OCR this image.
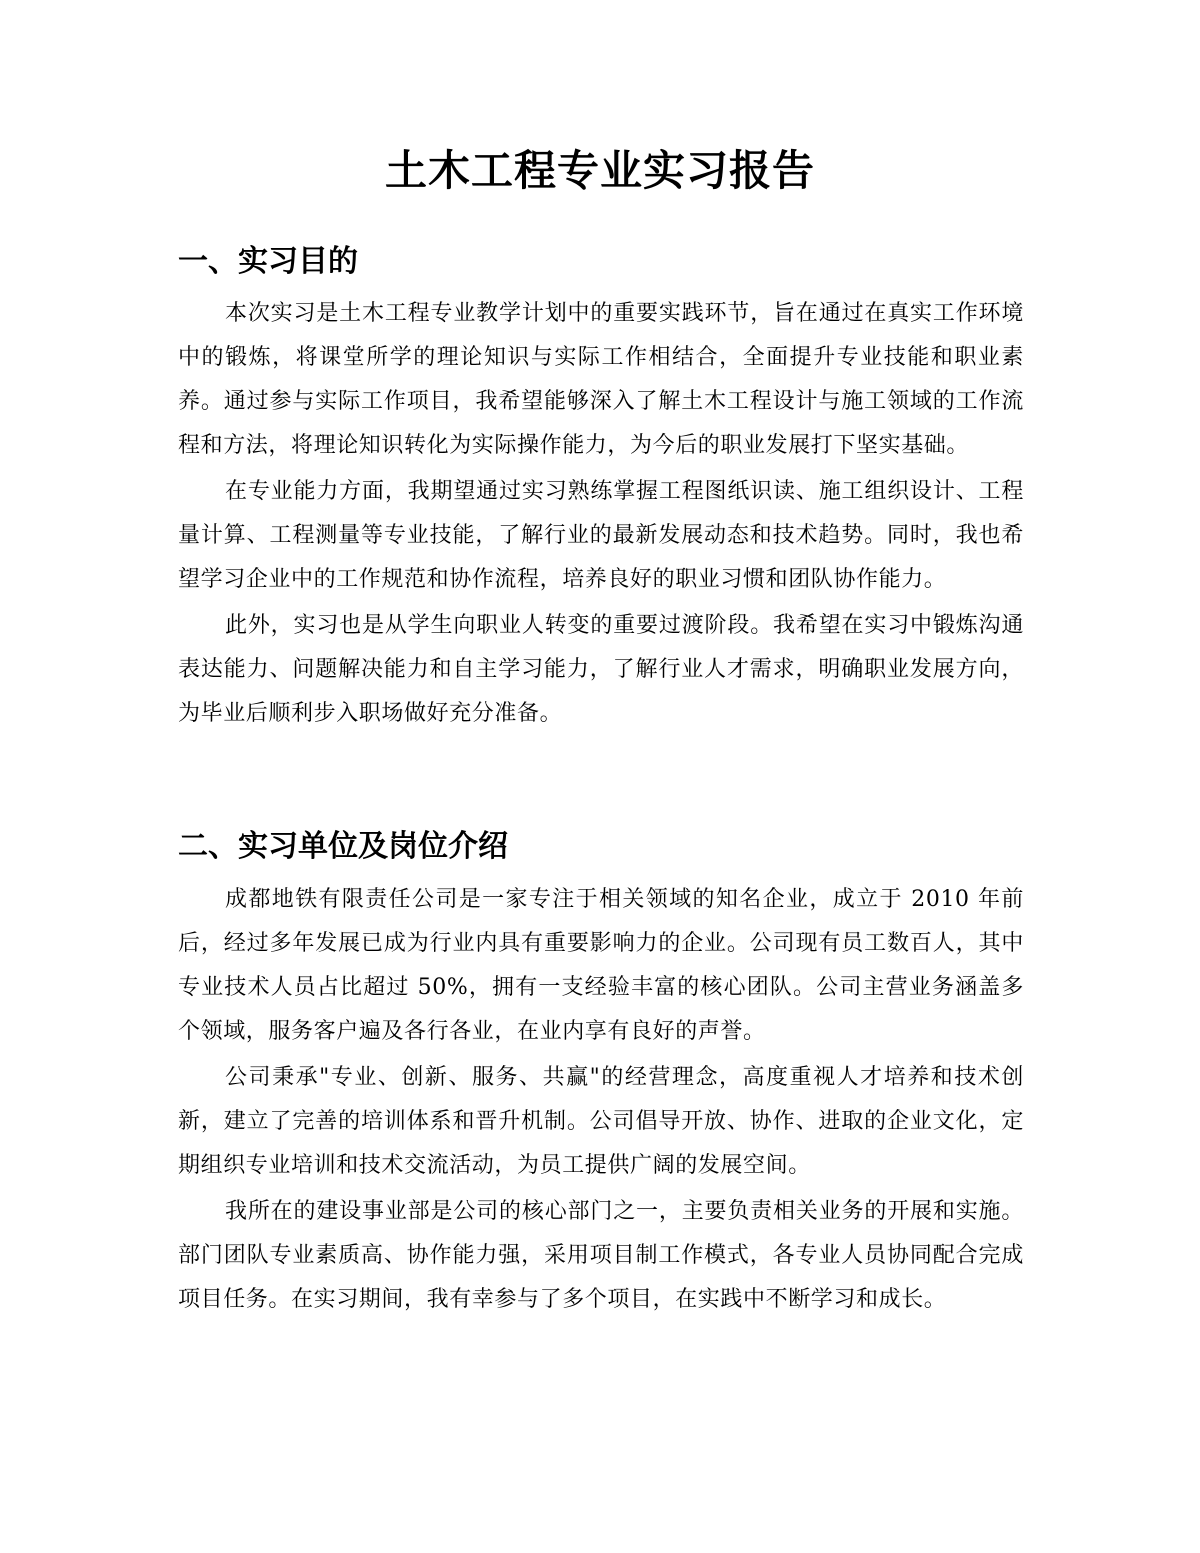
土木工程专业实习报告
一、实习目的

本次实习是土木工程专业教学计划中的重要实践环节，旨在通过在真实工作环境中的锻炼，将课堂所学的理论知识与实际工作相结合，全面提升专业技能和职业素养。通过参与实际工作项目，我希望能够深入了解土木工程设计与施工领域的工作流程和方法，将理论知识转化为实际操作能力，为今后的职业发展打下坚实基础。

在专业能力方面，我期望通过实习熟练掌握工程图纸识读、施工组织设计、工程量计算、工程测量等专业技能，了解行业的最新发展动态和技术趋势。同时，我也希望学习企业中的工作规范和协作流程，培养良好的职业习惯和团队协作能力。

此外，实习也是从学生向职业人转变的重要过渡阶段。我希望在实习中锻炼沟通表达能力、问题解决能力和自主学习能力，了解行业人才需求，明确职业发展方向，为毕业后顺利步入职场做好充分准备。

二、实习单位及岗位介绍

成都地铁有限责任公司是一家专注于相关领域的知名企业，成立于 2010 年前后，经过多年发展已成为行业内具有重要影响力的企业。公司现有员工数百人，其中专业技术人员占比超过 50%，拥有一支经验丰富的核心团队。公司主营业务涵盖多个领域，服务客户遍及各行各业，在业内享有良好的声誉。

公司秉承"专业、创新、服务、共赢"的经营理念，高度重视人才培养和技术创新，建立了完善的培训体系和晋升机制。公司倡导开放、协作、进取的企业文化，定期组织专业培训和技术交流活动，为员工提供广阔的发展空间。

我所在的建设事业部是公司的核心部门之一，主要负责相关业务的开展和实施。部门团队专业素质高、协作能力强，采用项目制工作模式，各专业人员协同配合完成项目任务。在实习期间，我有幸参与了多个项目，在实践中不断学习和成长。
